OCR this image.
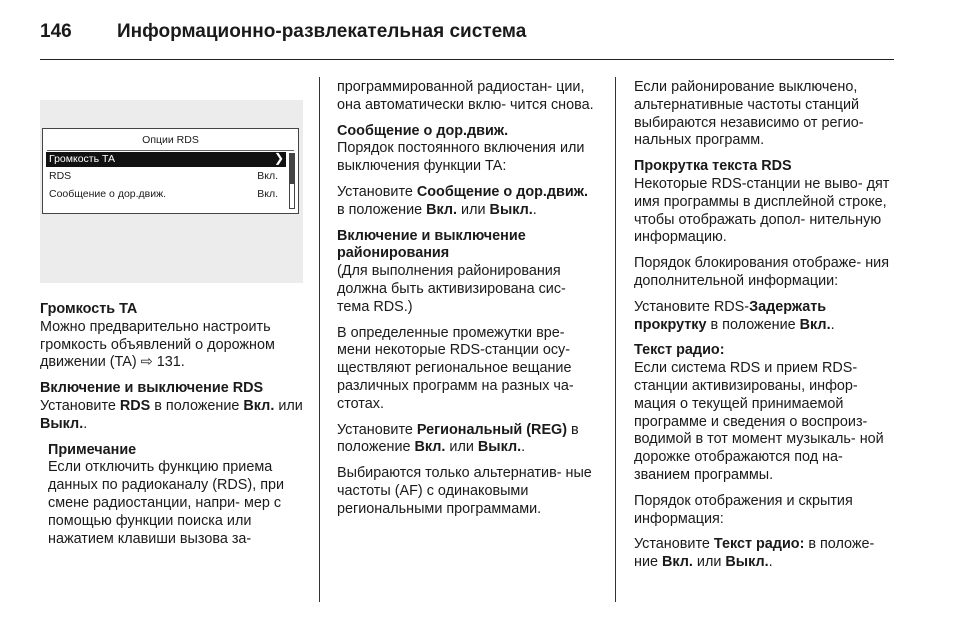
146 Информационно-развлекательная система
Опции RDS
Громкость ТА	❯
RDS	Вкл.
Сообщение о дор.движ.	Вкл.
Громкость TA

Можно предварительно настроить громкость объявлений о дорожном движении (TA) ⇨ 131.

Включение и выключение RDS

Установите RDS в положение Вкл. или Выкл..

Примечание

Если отключить функцию приема данных по радиоканалу (RDS), при смене радиостанции, напри- мер с помощью функции поиска или нажатием клавиши вызова за-

программированной радиостан- ции, она автоматически вклю- чится снова.

Сообщение о дор.движ.

Порядок постоянного включения или выключения функции TA:

Установите Сообщение о дор.движ. в положение Вкл. или Выкл..

Включение и выключение районирования

(Для выполнения районирования должна быть активизирована сис- тема RDS.)

В определенные промежутки вре- мени некоторые RDS-станции осу- ществляют региональное вещание различных программ на разных ча- стотах.

Установите Региональный (REG) в положение Вкл. или Выкл..

Выбираются только альтернатив- ные частоты (AF) с одинаковыми региональными программами.

Если районирование выключено, альтернативные частоты станций выбираются независимо от регио- нальных программ.

Прокрутка текста RDS

Некоторые RDS-станции не выво- дят имя программы в дисплейной строке, чтобы отображать допол- нительную информацию.

Порядок блокирования отображе- ния дополнительной информации:

Установите RDS-Задержать прокрутку в положение Вкл..

Текст радио:

Если система RDS и прием RDS- станции активизированы, инфор- мация о текущей принимаемой программе и сведения о воспроиз- водимой в тот момент музыкаль- ной дорожке отображаются под на- званием программы.

Порядок отображения и скрытия информация:

Установите Текст радио: в положе- ние Вкл. или Выкл..
